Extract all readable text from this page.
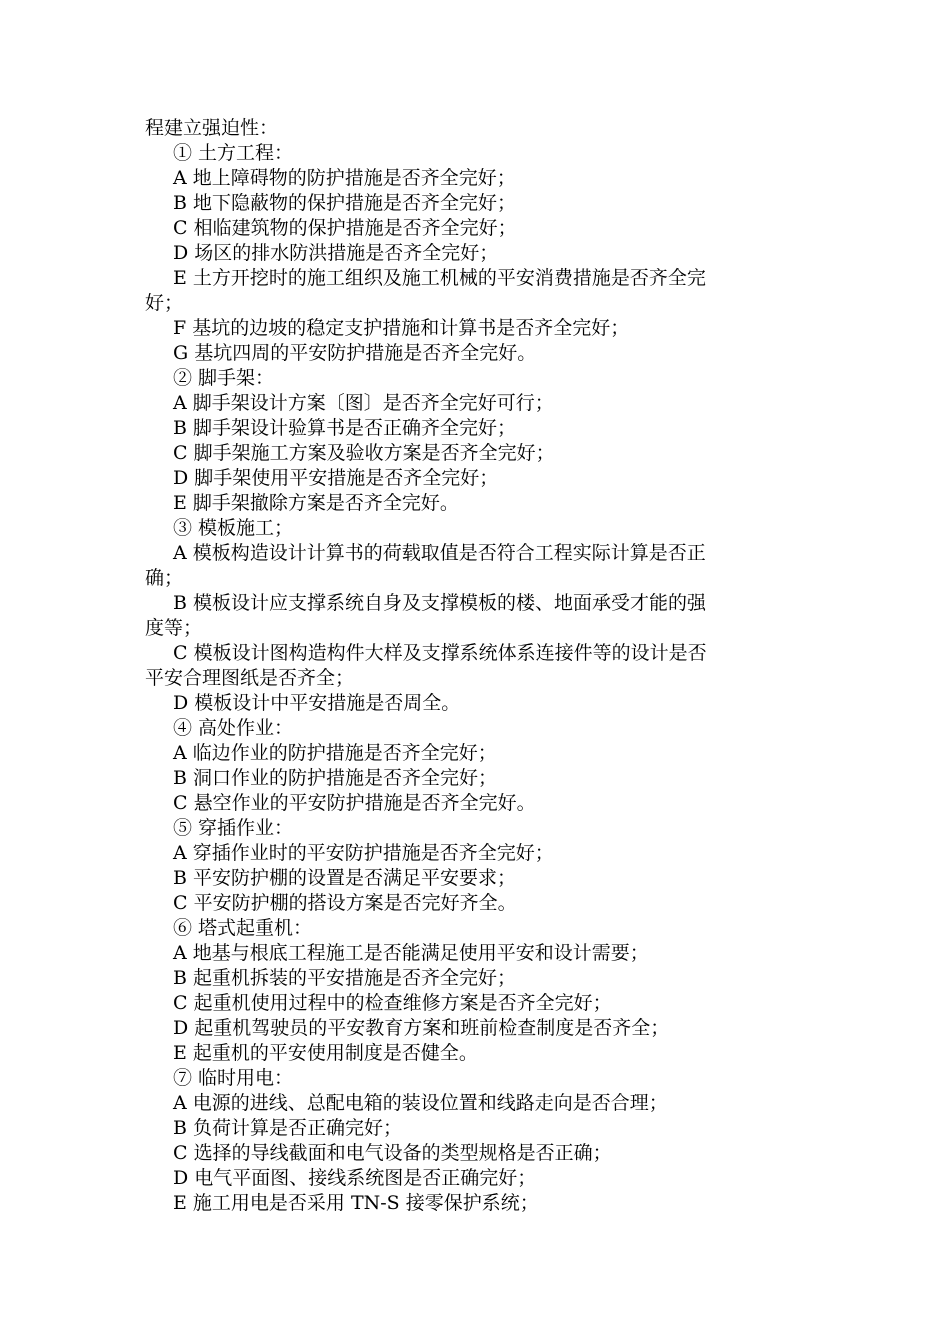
程建立强迫性：
① 土方工程：
A 地上障碍物的防护措施是否齐全完好；
B 地下隐蔽物的保护措施是否齐全完好；
C 相临建筑物的保护措施是否齐全完好；
D 场区的排水防洪措施是否齐全完好；
E 土方开挖时的施工组织及施工机械的平安消费措施是否齐全完
好；
F 基坑的边坡的稳定支护措施和计算书是否齐全完好；
G 基坑四周的平安防护措施是否齐全完好。
② 脚手架：
A 脚手架设计方案〔图〕是否齐全完好可行；
B 脚手架设计验算书是否正确齐全完好；
C 脚手架施工方案及验收方案是否齐全完好；
D 脚手架使用平安措施是否齐全完好；
E 脚手架撤除方案是否齐全完好。
③ 模板施工；
A 模板构造设计计算书的荷载取值是否符合工程实际计算是否正
确；
B 模板设计应支撑系统自身及支撑模板的楼、地面承受才能的强
度等；
C 模板设计图构造构件大样及支撑系统体系连接件等的设计是否
平安合理图纸是否齐全；
D 模板设计中平安措施是否周全。
④ 高处作业：
A 临边作业的防护措施是否齐全完好；
B 洞口作业的防护措施是否齐全完好；
C 悬空作业的平安防护措施是否齐全完好。
⑤ 穿插作业：
A 穿插作业时的平安防护措施是否齐全完好；
B 平安防护棚的设置是否满足平安要求；
C 平安防护棚的搭设方案是否完好齐全。
⑥ 塔式起重机：
A 地基与根底工程施工是否能满足使用平安和设计需要；
B 起重机拆装的平安措施是否齐全完好；
C 起重机使用过程中的检查维修方案是否齐全完好；
D 起重机驾驶员的平安教育方案和班前检查制度是否齐全；
E 起重机的平安使用制度是否健全。
⑦ 临时用电：
A 电源的进线、总配电箱的装设位置和线路走向是否合理；
B 负荷计算是否正确完好；
C 选择的导线截面和电气设备的类型规格是否正确；
D 电气平面图、接线系统图是否正确完好；
E 施工用电是否采用 TN-S 接零保护系统；
